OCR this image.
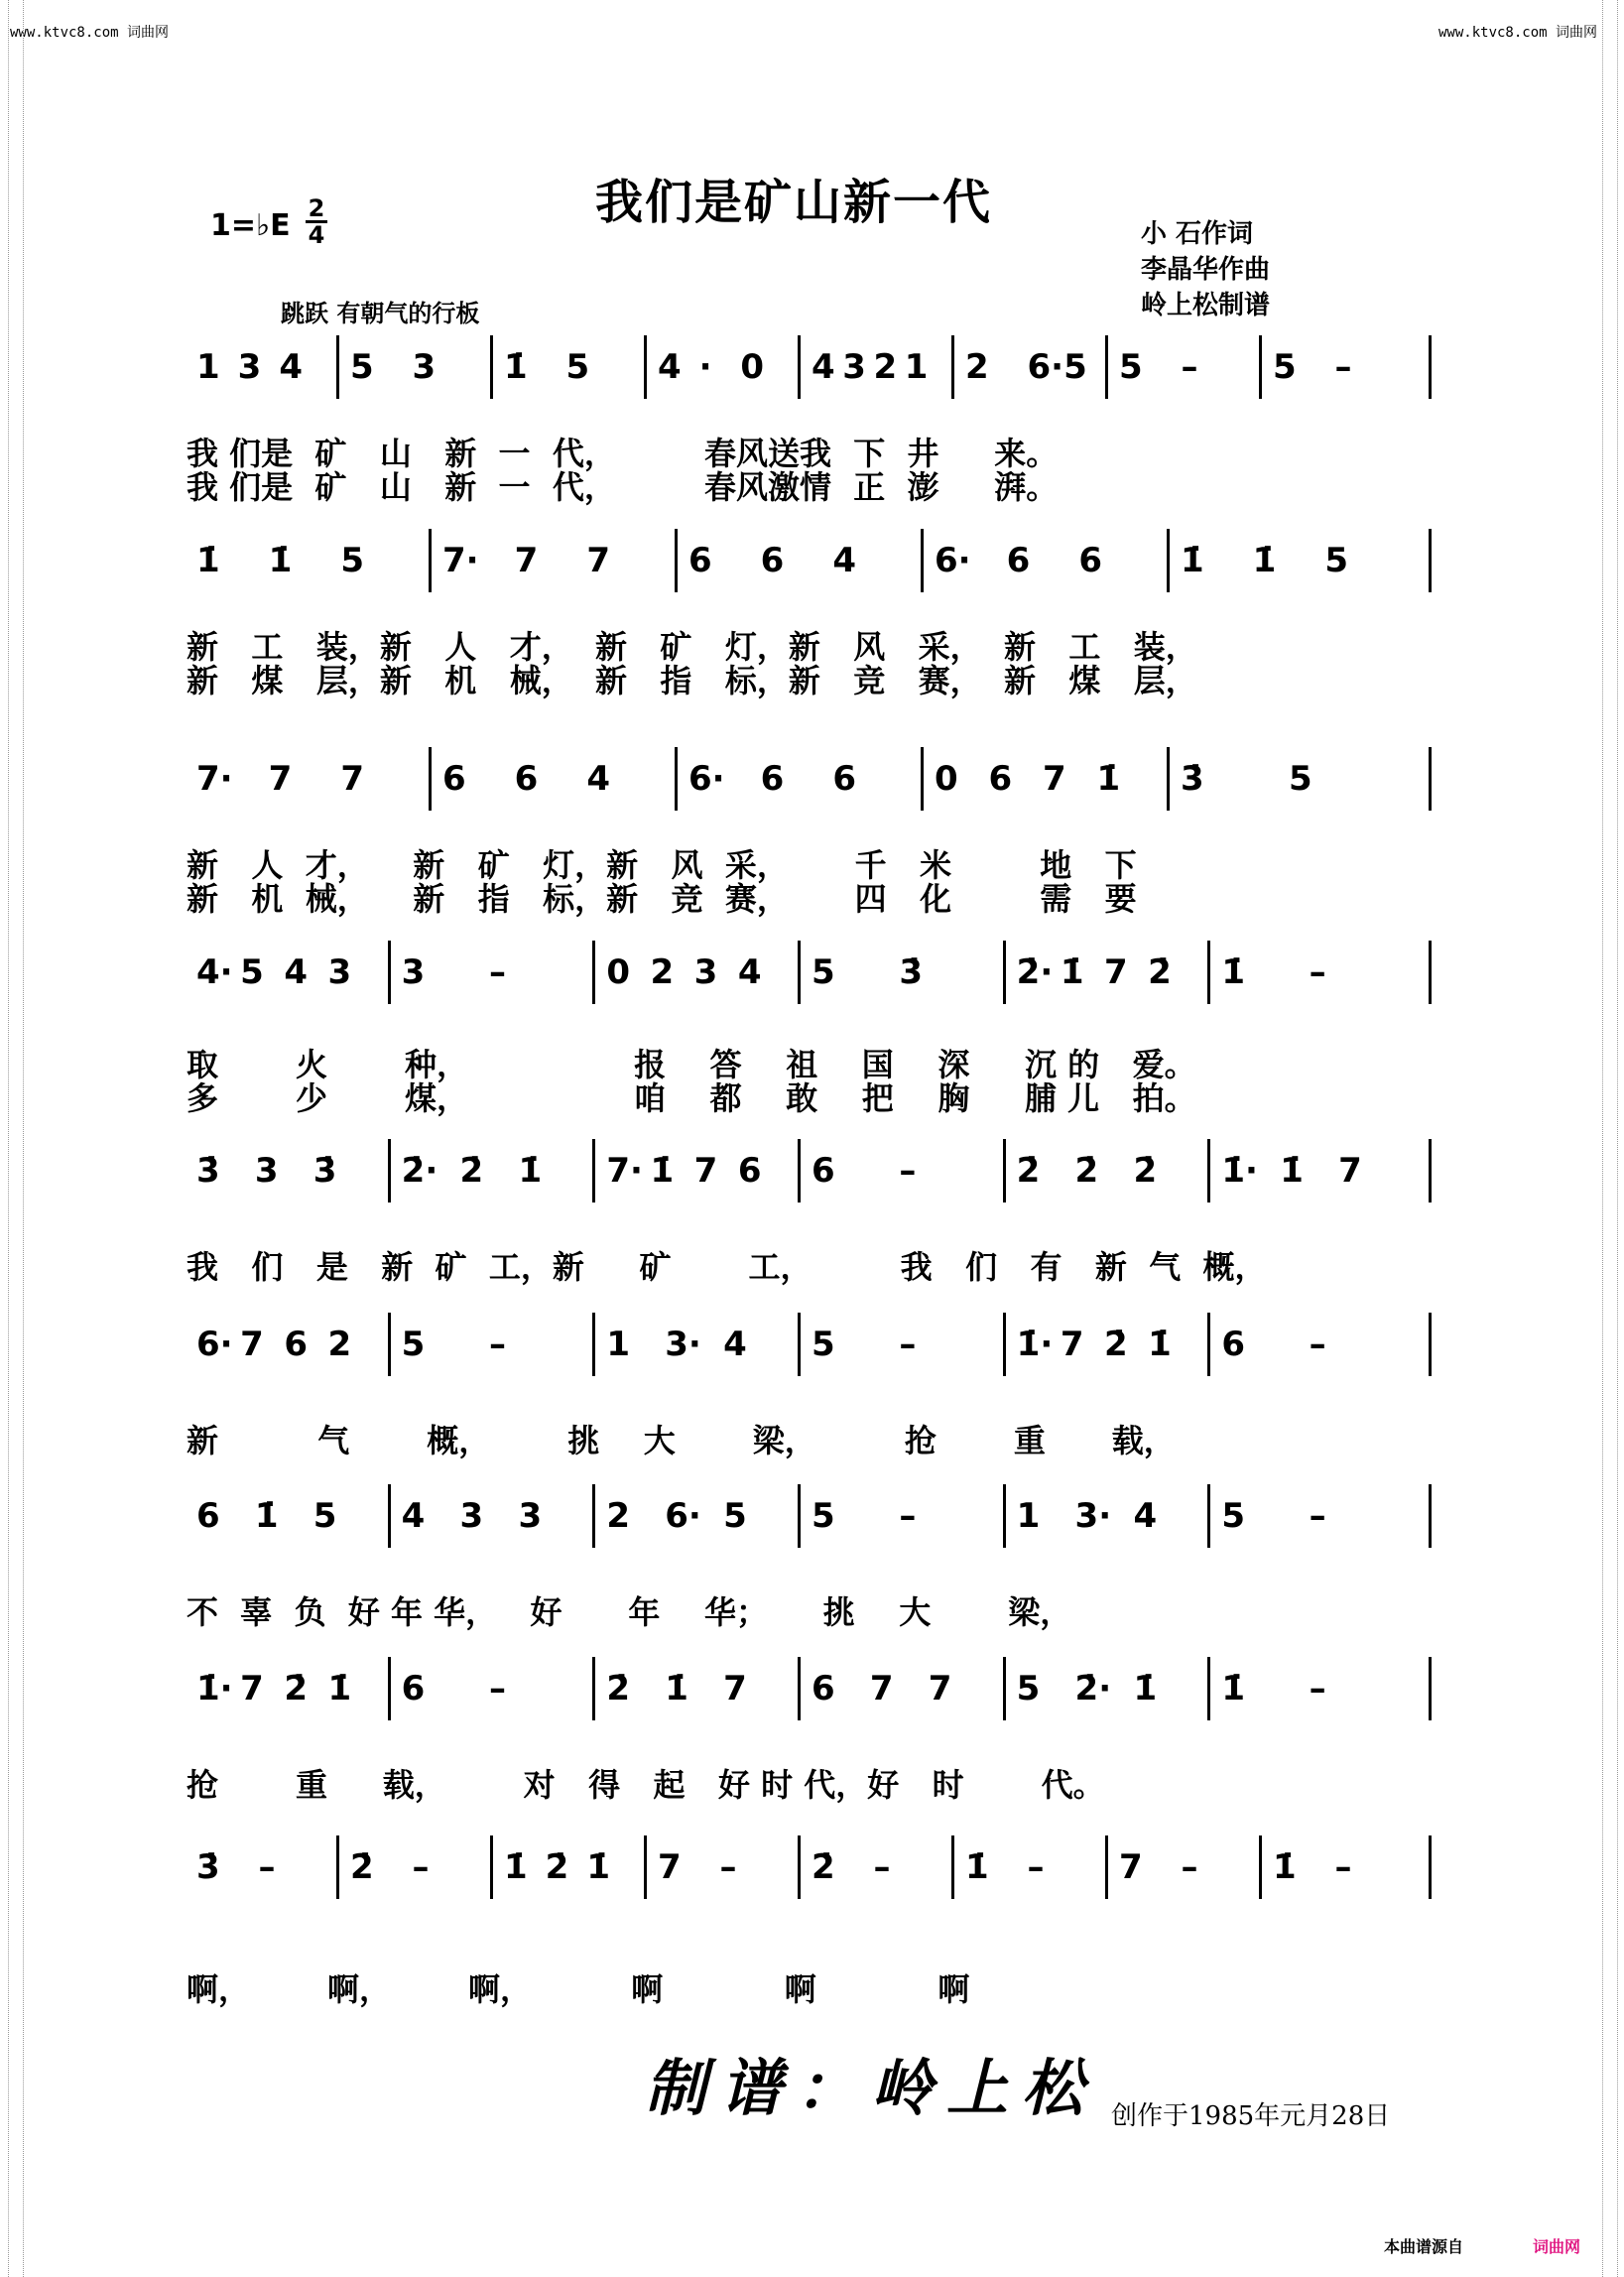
www.ktvc8.com 词曲网	www.ktvc8.com 词曲网
我们是矿山新一代
1=♭E 2
4
跳跃 有朝气的行板
小 石作词
李晶华作曲
岭上松制谱
1 3 4 5 3 1̇ 5 4 · 0 4 3 2 1 2 6·5 5 – 5 –
我 们是  矿   山   新  一  代，        春风送我  下  井     来。
我 们是  矿   山   新  一  代，        春风激情  正  澎     湃。
1̇ 1̇ 5 7· 7 7 6 6 4 6· 6 6 1̇ 1̇ 5
新   工   装，新   人   才，  新   矿   灯，新   风   采，  新   工   装，
新   煤   层，新   机   械，  新   指   标，新   竞   赛，  新   煤   层，
7· 7 7 6 6 4 6· 6 6 0 6 7 1̇ 3̇	5
新   人  才，    新   矿   灯，新   风  采，      千   米        地   下
新   机  械，    新   指   标，新   竞  赛，      四   化        需   要
4· 5 4 3 3 –	0 2 3 4 5 3̇	2̇· 1̇ 7 2̇ 1̇ –
取       火       种，               报    答    祖    国    深     沉 的   爱。
多       少       煤，               咱    都    敢    把    胸     脯 儿   拍。
3̇ 3 3̇ 2̇· 2̇ 1̇ 7· 1̇ 7 6 6 –	2̇ 2̇ 2̇ 1̇· 1̇ 7
我   们   是   新  矿  工，新     矿       工，        我   们   有   新  气  概，
6· 7 6 2 5 –	1 3· 4 5 –	1̇· 7 2̇ 1̇ 6 –
新         气       概，       挑    大       梁，        抢       重      载，
6 1̇ 5 4 3 3 2 6· 5 5 –	1 3· 4 5 –
不  辜  负  好 年 华，   好      年    华；     挑    大       梁，
1̇· 7 2̇ 1̇ 6 –	2̇ 1̇ 7 6 7 7 5 2̇· 1̇ 1̇ –
抢       重     载，       对   得   起   好 时 代，好   时       代。
3̇ – 2̇ – 1̇ 2̇ 1̇ 7 – 2̇ – 1̇ – 7 – 1̇ –
啊，       啊，       啊，         啊           啊           啊
制谱：岭上松 创作于1985年元月28日
本曲谱源自	词曲网
